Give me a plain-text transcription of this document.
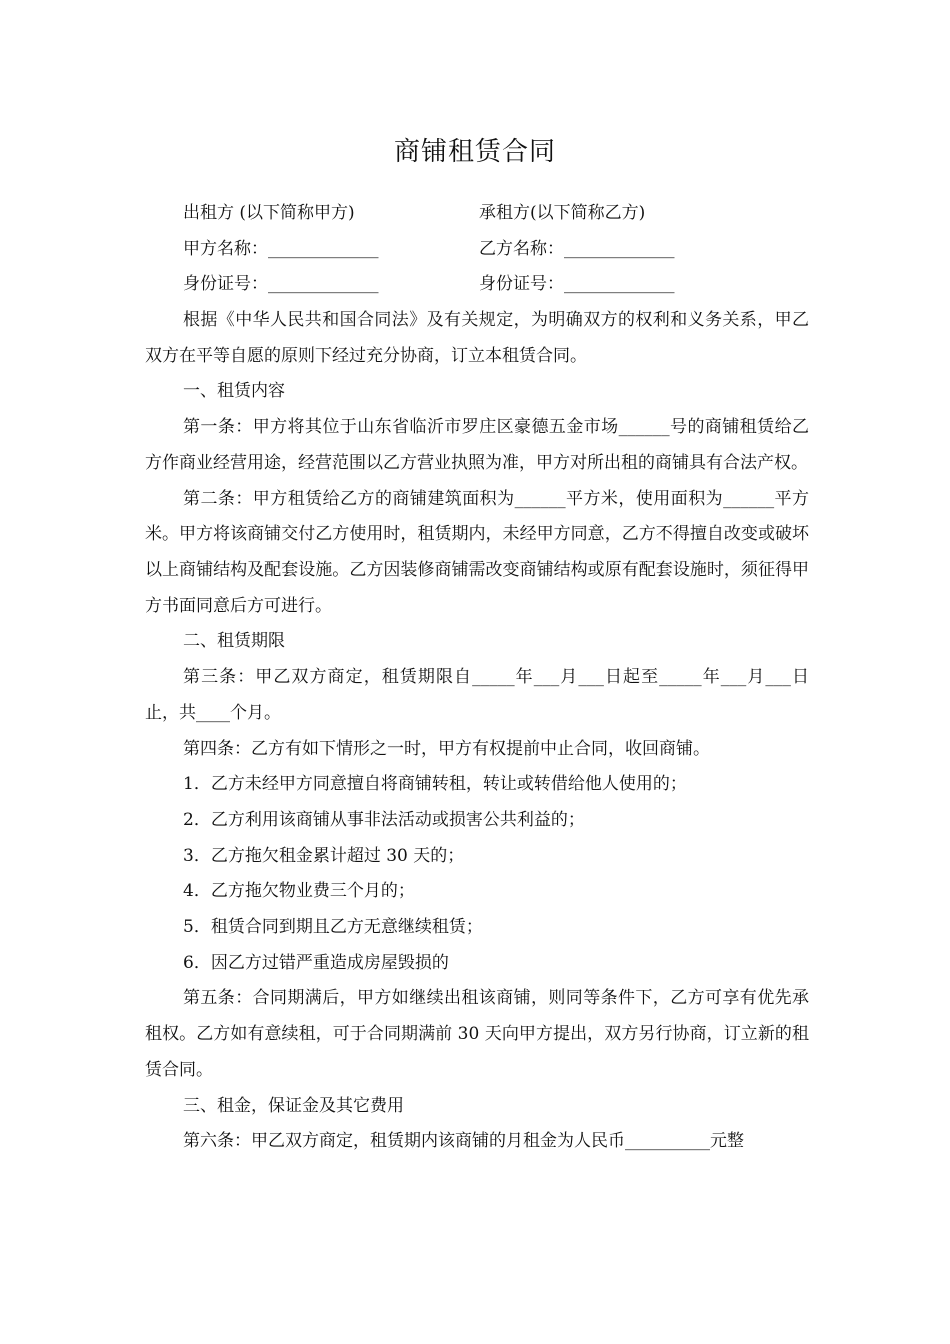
商铺租赁合同
出租方 (以下简称甲方)	承租方(以下简称乙方)
甲方名称：_____________	乙方名称：_____________
身份证号：_____________	身份证号：_____________

根据《中华人民共和国合同法》及有关规定，为明确双方的权利和义务关系，甲乙双方在平等自愿的原则下经过充分协商，订立本租赁合同。

一、租赁内容

第一条：甲方将其位于山东省临沂市罗庄区豪德五金市场______号的商铺租赁给乙方作商业经营用途，经营范围以乙方营业执照为准，甲方对所出租的商铺具有合法产权。

第二条：甲方租赁给乙方的商铺建筑面积为______平方米，使用面积为______平方米。甲方将该商铺交付乙方使用时，租赁期内，未经甲方同意，乙方不得擅自改变或破坏以上商铺结构及配套设施。乙方因装修商铺需改变商铺结构或原有配套设施时，须征得甲方书面同意后方可进行。

二、租赁期限

第三条：甲乙双方商定，租赁期限自_____年___月___日起至_____年___月___日止，共____个月。

第四条：乙方有如下情形之一时，甲方有权提前中止合同，收回商铺。

1．乙方未经甲方同意擅自将商铺转租，转让或转借给他人使用的；

2．乙方利用该商铺从事非法活动或损害公共利益的；

3．乙方拖欠租金累计超过 30 天的；

4．乙方拖欠物业费三个月的；

5．租赁合同到期且乙方无意继续租赁；

6．因乙方过错严重造成房屋毁损的

第五条：合同期满后，甲方如继续出租该商铺，则同等条件下，乙方可享有优先承租权。乙方如有意续租，可于合同期满前 30 天向甲方提出，双方另行协商，订立新的租赁合同。

三、租金，保证金及其它费用

第六条：甲乙双方商定，租赁期内该商铺的月租金为人民币__________元整
